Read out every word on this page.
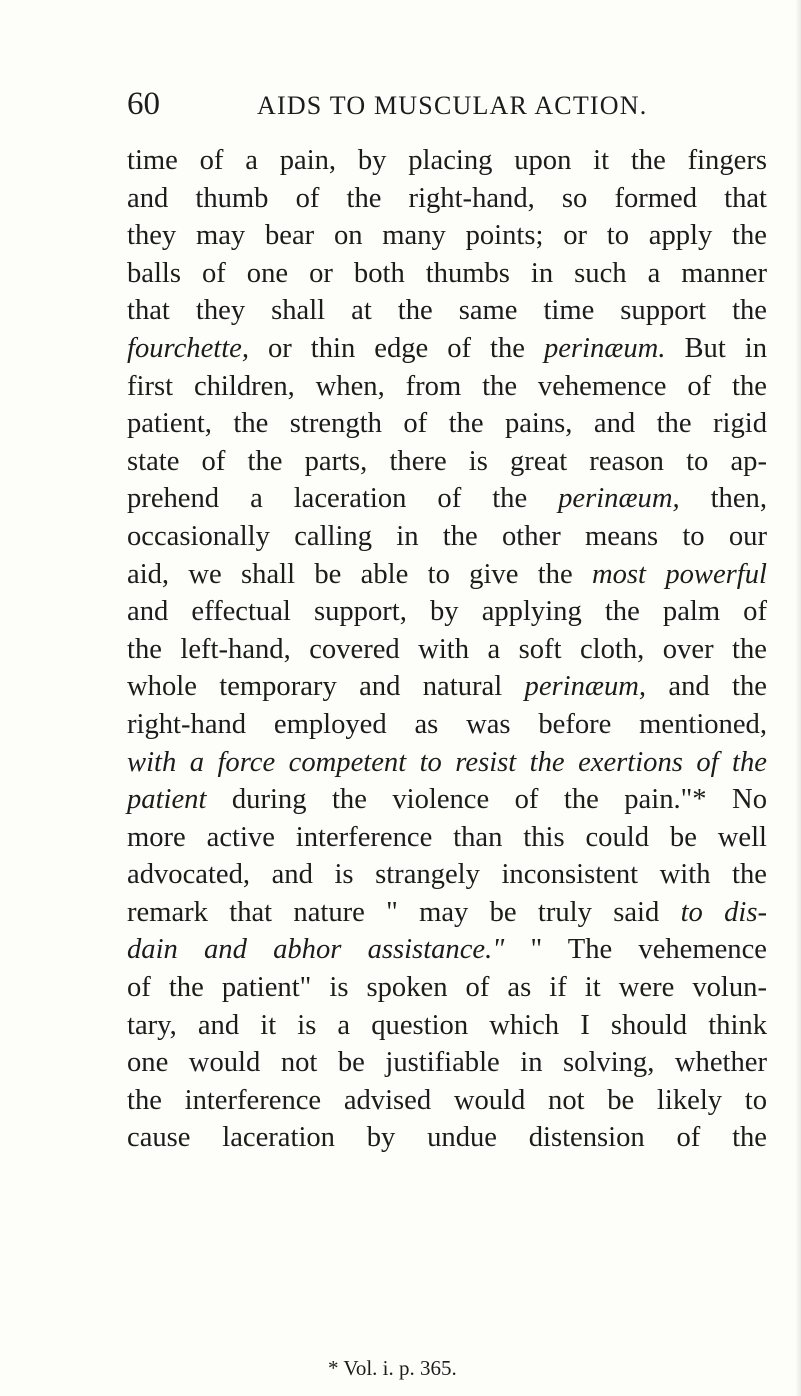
60	AIDS TO MUSCULAR ACTION.
time of a pain, by placing upon it the fingers
and thumb of the right-hand, so formed that
they may bear on many points; or to apply the
balls of one or both thumbs in such a manner
that they shall at the same time support the
fourchette, or thin edge of the perinæum. But in
first children, when, from the vehemence of the
patient, the strength of the pains, and the rigid
state of the parts, there is great reason to ap-
prehend a laceration of the perinæum, then,
occasionally calling in the other means to our
aid, we shall be able to give the most powerful
and effectual support, by applying the palm of
the left-hand, covered with a soft cloth, over the
whole temporary and natural perinæum, and the
right-hand employed as was before mentioned,
with a force competent to resist the exertions of the
patient during the violence of the pain."* No
more active interference than this could be well
advocated, and is strangely inconsistent with the
remark that nature " may be truly said to dis-
dain and abhor assistance." " The vehemence
of the patient" is spoken of as if it were volun-
tary, and it is a question which I should think
one would not be justifiable in solving, whether
the interference advised would not be likely to
cause laceration by undue distension of the
* Vol. i. p. 365.
